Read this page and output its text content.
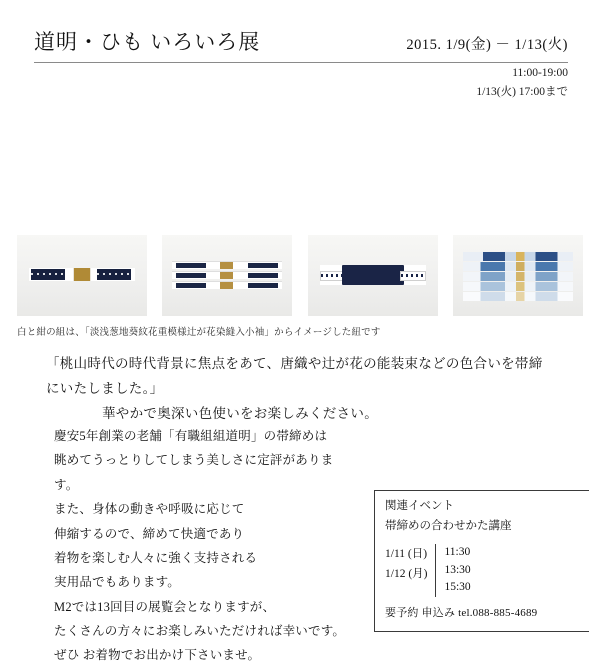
道明・ひも いろいろ展	2015. 1/9(金) － 1/13(火)
11:00-19:00
1/13(火) 17:00まで
白と紺の組は、「淡浅葱地葵紋花重模様辻が花染縫入小袖」からイメージした紐です
「桃山時代の時代背景に焦点をあて、唐織や辻が花の能装束などの色合いを帯締にいたしました。」
華やかで奥深い色使いをお楽しみください。
慶安5年創業の老舗「有職組組道明」の帯締めは
眺めてうっとりしてしまう美しさに定評があります。
また、身体の動きや呼吸に応じて
伸縮するので、締めて快適であり
着物を楽しむ人々に強く支持される
実用品でもあります。
M2では13回目の展覧会となりますが、
たくさんの方々にお楽しみいただければ幸いです。
ぜひ お着物でお出かけ下さいませ。
関連イベント
帯締めの合わせかた講座
1/11 (日)
1/12 (月)
11:30
13:30
15:30
要予約 申込み tel.088-885-4689
